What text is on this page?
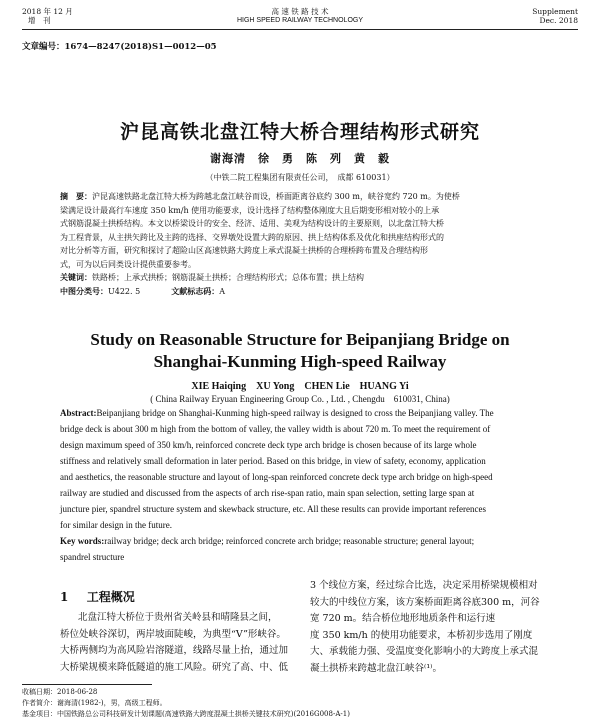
2018 年 12 月
增　刊
高 速 铁 路 技 术
HIGH SPEED RAILWAY TECHNOLOGY
Supplement
Dec. 2018
文章编号：1674—8247(2018)S1—0012—05
沪昆高铁北盘江特大桥合理结构形式研究
谢海清　徐　勇　陈　列　黄　毅
（中铁二院工程集团有限责任公司，　成都 610031）
摘　要：沪昆高速铁路北盘江特大桥为跨越北盘江峡谷而设，桥面距离谷底约 300 m，峡谷宽约 720 m。为使桥
梁满足设计最高行车速度 350 km/h 使用功能要求，设计选择了结构整体刚度大且后期变形相对较小的上承
式钢筋混凝土拱桥结构。本文以桥梁设计的安全、经济、适用、美观为结构设计的主要原则，以北盘江特大桥
为工程背景，从主拱矢跨比及主跨的选择、交界墩处设置大跨的原因、拱上结构体系及优化和拱座结构形式的
对比分析等方面，研究和探讨了超险山区高速铁路大跨度上承式混凝土拱桥的合理桥跨布置及合理结构形
式，可为以后同类设计提供重要参考。
关键词：铁路桥；上承式拱桥；钢筋混凝土拱桥；合理结构形式；总体布置；拱上结构
中图分类号：U422. 5	文献标志码：A
Study on Reasonable Structure for Beipanjiang Bridge on
Shanghai-Kunming High-speed Railway
XIE Haiqing　XU Yong　CHEN Lie　HUANG Yi
( China Railway Eryuan Engineering Group Co. , Ltd. , Chengdu　610031, China)
Abstract:Beipanjiang bridge on Shanghai-Kunming high-speed railway is designed to cross the Beipanjiang valley. The
bridge deck is about 300 m high from the bottom of valley, the valley width is about 720 m. To meet the requirement of
design maximum speed of 350 km/h, reinforced concrete deck type arch bridge is chosen because of its large whole
stiffness and relatively small deformation in later period. Based on this bridge, in view of safety, economy, application
and aesthetics, the reasonable structure and layout of long-span reinforced concrete deck type arch bridge on high-speed
railway are studied and discussed from the aspects of arch rise-span ratio, main span selection, setting large span at
juncture pier, spandrel structure system and skewback structure, etc. All these results can provide important references
for similar design in the future.
Key words:railway bridge; deck arch bridge; reinforced concrete arch bridge; reasonable structure; general layout;
spandrel structure
1 工程概况
北盘江特大桥位于贵州省关岭县和晴隆县之间，
桥位处峡谷深切，两岸坡面陡峻，为典型“V”形峡谷。
大桥两侧均为高风险岩溶隧道，线路尽量上抬，通过加
大桥梁规模来降低隧道的施工风险。研究了高、中、低
3 个线位方案，经过综合比选，决定采用桥梁规模相对
较大的中线位方案，该方案桥面距离谷底300 m，河谷
宽 720 m。结合桥位地形地质条件和运行速
度 350 km/h 的使用功能要求，本桥初步选用了刚度
大、承载能力强、受温度变化影响小的大跨度上承式混
凝土拱桥来跨越北盘江峡谷⁽¹⁾。
收稿日期：2018-06-28
作者简介：谢海清(1982-)，男，高级工程师。
基金项目：中国铁路总公司科技研发计划课题(高速铁路大跨度混凝土拱桥关键技术研究)(2016G008-A-1)
